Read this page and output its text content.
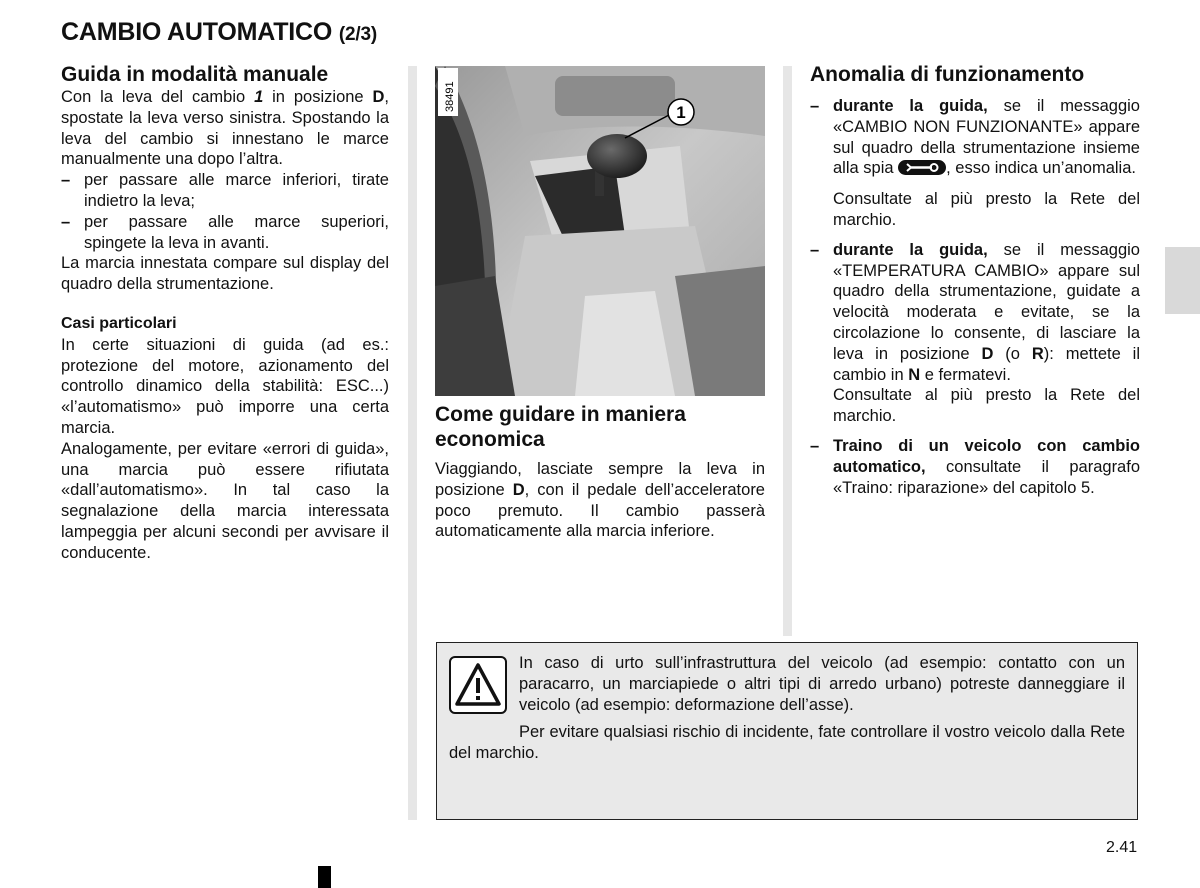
CAMBIO AUTOMATICO (2/3)
Guida in modalità manuale

Con la leva del cambio 1 in posizione D, spostate la leva verso sinistra. Spostando la leva del cambio si innestano le marce manualmente una dopo l’altra.

– per passare alle marce inferiori, tirate indietro la leva;
– per passare alle marce superiori, spingete la leva in avanti.

La marcia innestata compare sul display del quadro della strumentazione.

Casi particolari

In certe situazioni di guida (ad es.: protezione del motore, azionamento del controllo dinamico della stabilità: ESC...) «l’automatismo» può imporre una certa marcia.

Analogamente, per evitare «errori di guida», una marcia può essere rifiutata «dall’automatismo». In tal caso la segnalazione della marcia interessata lampeggia per alcuni secondi per avvisare il conducente.

1
38491
Come guidare in maniera economica

Viaggiando, lasciate sempre la leva in posizione D, con il pedale dell’acceleratore poco premuto. Il cambio passerà automaticamente alla marcia inferiore.

Anomalia di funzionamento
– durante la guida, se il messaggio «CAMBIO NON FUNZIONANTE» appare sul quadro della strumentazione insieme alla spia	, esso indica un’anomalia.
Consultate al più presto la Rete del marchio.
– durante la guida, se il messaggio «TEMPERATURA CAMBIO» appare sul quadro della strumentazione, guidate a velocità moderata e evitate, se la circolazione lo consente, di lasciare la leva in posizione D (o R): mettete il cambio in N e fermatevi.
Consultate al più presto la Rete del marchio.
– Traino di un veicolo con cambio automatico, consultate il paragrafo «Traino: riparazione» del capitolo 5.

In caso di urto sull’infrastruttura del veicolo (ad esempio: contatto con un paracarro, un marciapiede o altri tipi di arredo urbano) potreste danneggiare il veicolo (ad esempio: deformazione dell’asse).

Per evitare qualsiasi rischio di incidente, fate controllare il vostro veicolo dalla Rete del marchio.

2.41
